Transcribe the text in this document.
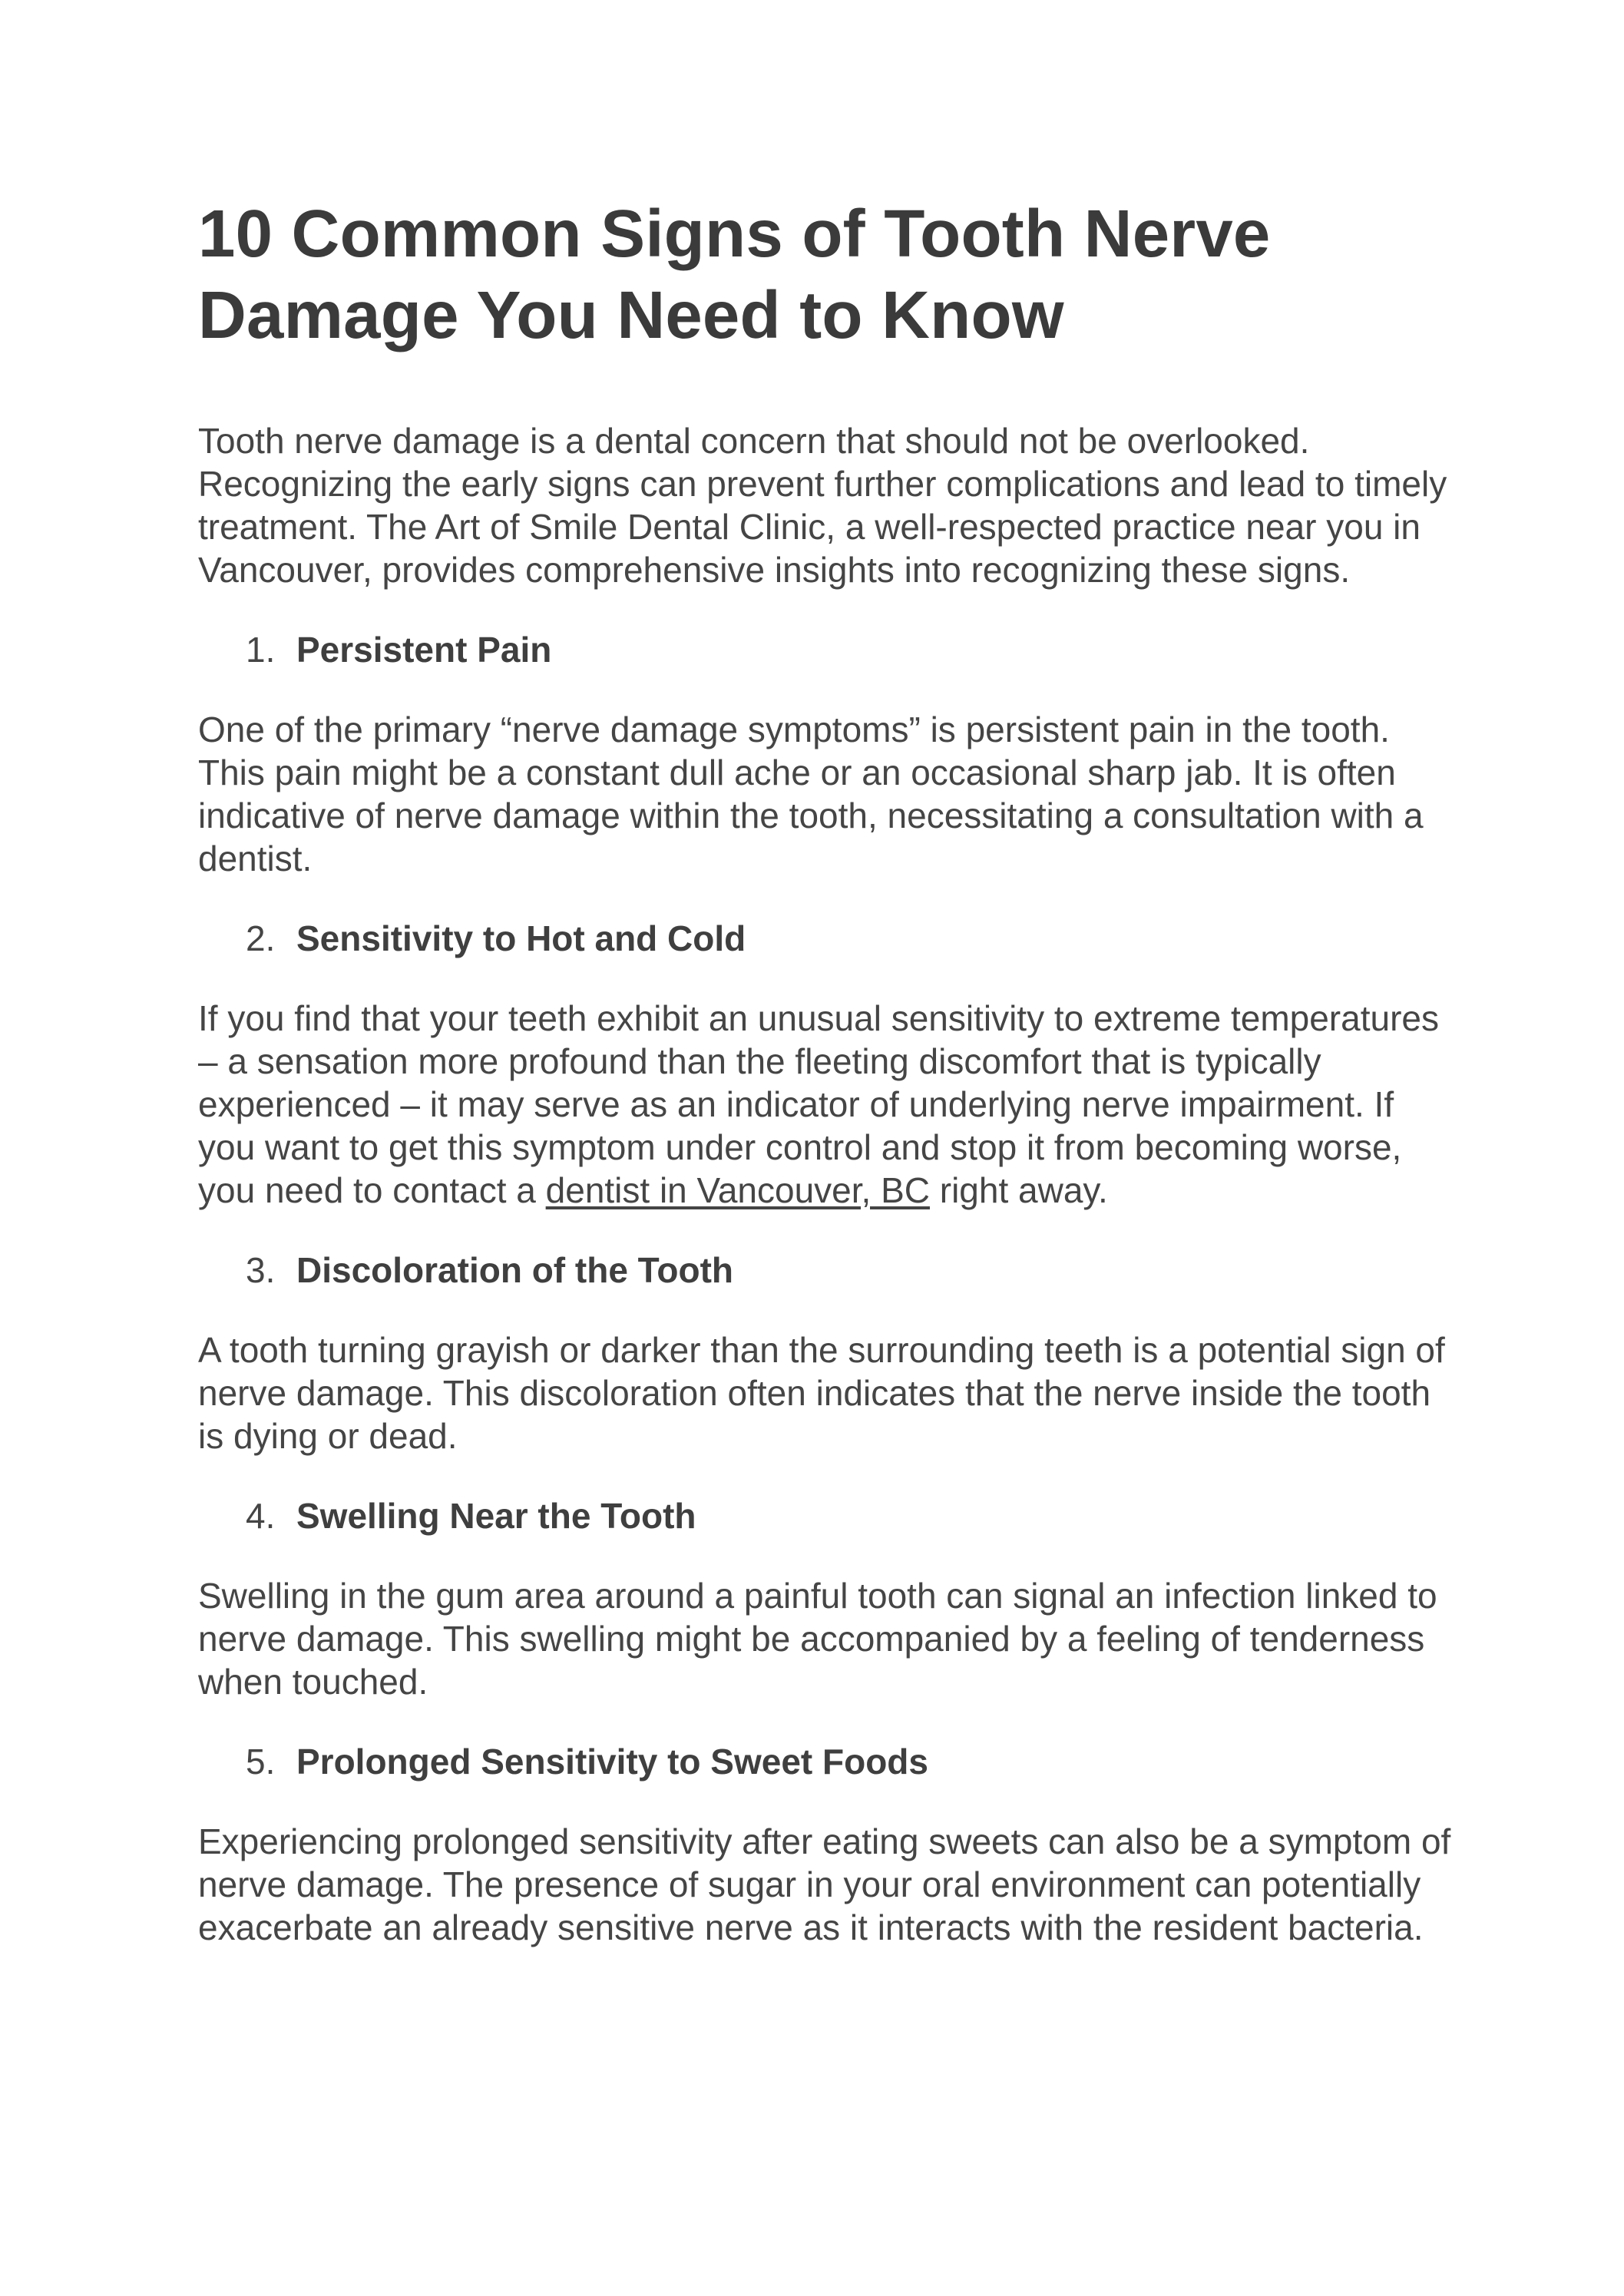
10 Common Signs of Tooth Nerve Damage You Need to Know

Tooth nerve damage is a dental concern that should not be overlooked. Recognizing the early signs can prevent further complications and lead to timely treatment. The Art of Smile Dental Clinic, a well-respected practice near you in Vancouver, provides comprehensive insights into recognizing these signs.

1. Persistent Pain

One of the primary “nerve damage symptoms” is persistent pain in the tooth. This pain might be a constant dull ache or an occasional sharp jab. It is often indicative of nerve damage within the tooth, necessitating a consultation with a dentist.

2. Sensitivity to Hot and Cold

If you find that your teeth exhibit an unusual sensitivity to extreme temperatures – a sensation more profound than the fleeting discomfort that is typically experienced – it may serve as an indicator of underlying nerve impairment. If you want to get this symptom under control and stop it from becoming worse, you need to contact a dentist in Vancouver, BC right away.

3. Discoloration of the Tooth

A tooth turning grayish or darker than the surrounding teeth is a potential sign of nerve damage. This discoloration often indicates that the nerve inside the tooth is dying or dead.

4. Swelling Near the Tooth

Swelling in the gum area around a painful tooth can signal an infection linked to nerve damage. This swelling might be accompanied by a feeling of tenderness when touched.

5. Prolonged Sensitivity to Sweet Foods

Experiencing prolonged sensitivity after eating sweets can also be a symptom of nerve damage. The presence of sugar in your oral environment can potentially exacerbate an already sensitive nerve as it interacts with the resident bacteria.
